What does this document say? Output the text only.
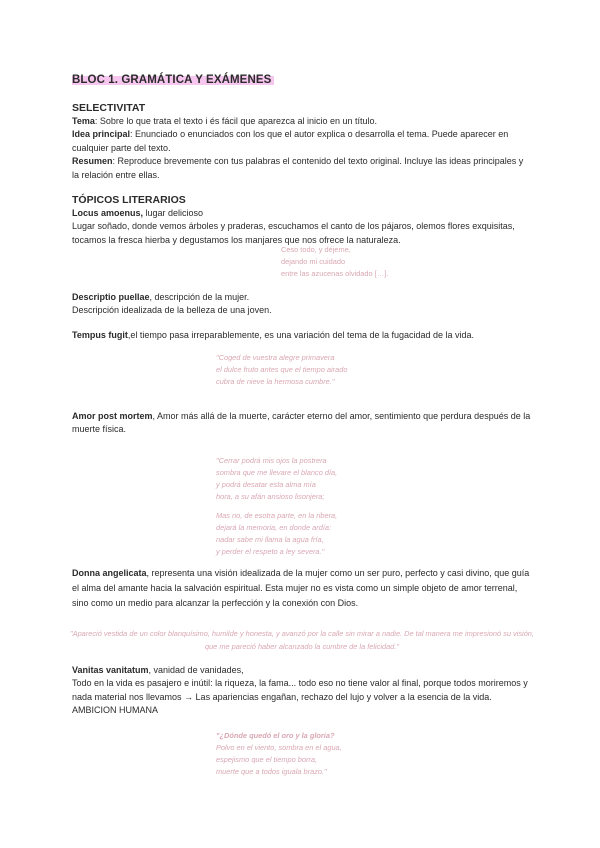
BLOC 1. GRAMÁTICA Y EXÁMENES
SELECTIVITAT

Tema: Sobre lo que trata el texto i és fácil que aparezca al inicio en un título.

Idea principal: Enunciado o enunciados con los que el autor explica o desarrolla el tema. Puede aparecer en cualquier parte del texto.

Resumen: Reproduce brevemente con tus palabras el contenido del texto original. Incluye las ideas principales y la relación entre ellas.

TÓPICOS LITERARIOS

Locus amoenus, lugar delicioso

Lugar soñado, donde vemos árboles y praderas, escuchamos el canto de los pájaros, olemos flores exquisitas, tocamos la fresca hierba y degustamos los manjares que nos ofrece la naturaleza.

Ceso todo, y déjeme,
dejando mi cuidado
entre las azucenas olvidado […].

Descriptio puellae, descripción de la mujer.

Descripción idealizada de la belleza de una joven.

Tempus fugit,el tiempo pasa irreparablemente, es una variación del tema de la fugacidad de la vida.

"Coged de vuestra alegre primavera
el dulce fruto antes que el tiempo airado
cubra de nieve la hermosa cumbre."

Amor post mortem, Amor más allá de la muerte, carácter eterno del amor, sentimiento que perdura después de la muerte física.

"Cerrar podrá mis ojos la postrera
sombra que me llevare el blanco día,
y podrá desatar esta alma mía
hora, a su afán ansioso lisonjera;
Mas no, de esotra parte, en la ribera,
dejará la memoria, en donde ardía:
nadar sabe mi llama la agua fría,
y perder el respeto a ley severa."

Donna angelicata, representa una visión idealizada de la mujer como un ser puro, perfecto y casi divino, que guía el alma del amante hacia la salvación espiritual. Esta mujer no es vista como un simple objeto de amor terrenal, sino como un medio para alcanzar la perfección y la conexión con Dios.

"Apareció vestida de un color blanquísimo, humilde y honesta, y avanzó por la calle sin mirar a nadie. De tal manera me impresionó su visión, que me pareció haber alcanzado la cumbre de la felicidad."

Vanitas vanitatum, vanidad de vanidades,

Todo en la vida es pasajero e inútil: la riqueza, la fama... todo eso no tiene valor al final, porque todos moriremos y nada material nos llevamos → Las apariencias engañan, rechazo del lujo y volver a la esencia de la vida. AMBICION HUMANA

"¿Dónde quedó el oro y la gloria?
Polvo en el viento, sombra en el agua,
espejismo que el tiempo borra,
muerte que a todos iguala brazo."
